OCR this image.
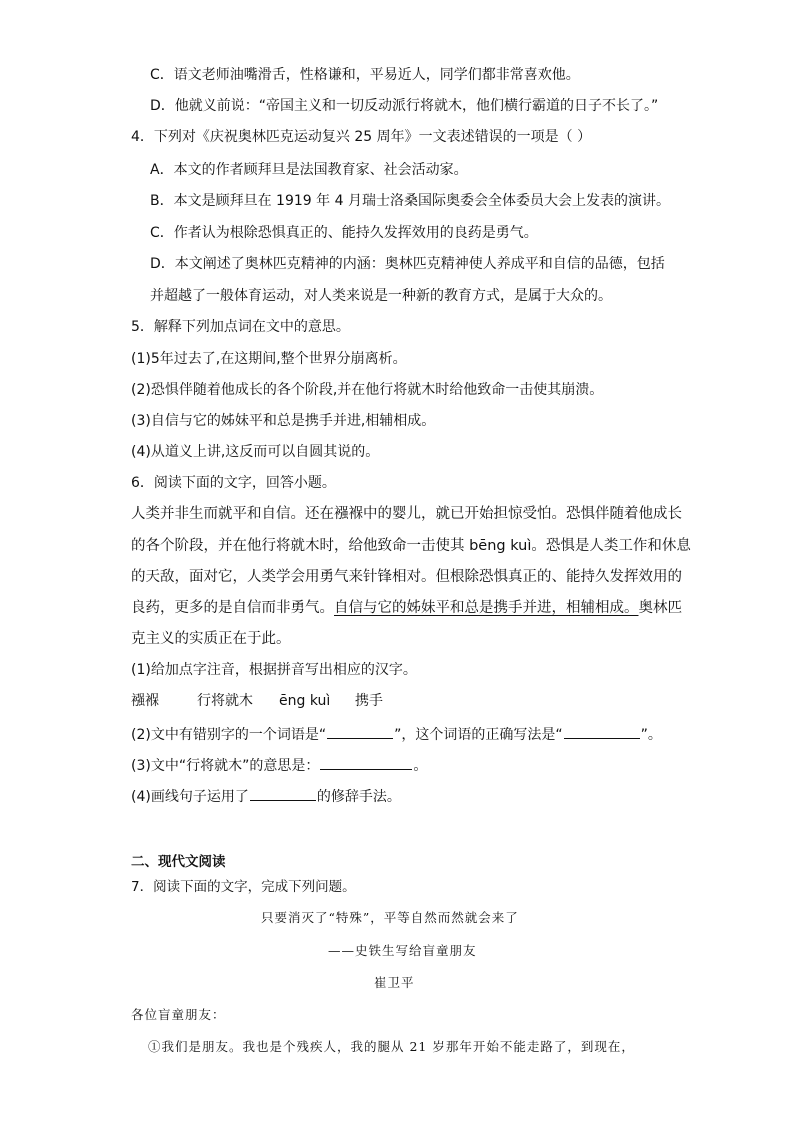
C．语文老师油嘴滑舌，性格谦和，平易近人，同学们都非常喜欢他。
D．他就义前说：“帝国主义和一切反动派行将就木，他们横行霸道的日子不长了。”
4．下列对《庆祝奥林匹克运动复兴 25 周年》一文表述错误的一项是（ ）
A．本文的作者顾拜旦是法国教育家、社会活动家。
B．本文是顾拜旦在 1919 年 4 月瑞士洛桑国际奥委会全体委员大会上发表的演讲。
C．作者认为根除恐惧真正的、能持久发挥效用的良药是勇气。
D．本文阐述了奥林匹克精神的内涵：奥林匹克精神使人养成平和自信的品德，包括
并超越了一般体育运动，对人类来说是一种新的教育方式，是属于大众的。
5．解释下列加点词在文中的意思。
(1)5年过去了,在这期间,整个世界分崩离析。
(2)恐惧伴随着他成长的各个阶段,并在他行将就木时给他致命一击使其崩溃。
(3)自信与它的姊妹平和总是携手并进,相辅相成。
(4)从道义上讲,这反而可以自圆其说的。
6．阅读下面的文字，回答小题。
人类并非生而就平和自信。还在襁褓中的婴儿，就已开始担惊受怕。恐惧伴随着他成长
的各个阶段，并在他行将就木时，给他致命一击使其 bēng kuì。恐惧是人类工作和休息
的天敌，面对它，人类学会用勇气来针锋相对。但根除恐惧真正的、能持久发挥效用的
良药，更多的是自信而非勇气。自信与它的姊妹平和总是携手并进，相辅相成。奥林匹
克主义的实质正在于此。
(1)给加点字注音，根据拼音写出相应的汉字。
襁褓	行将就木 ēng kuì 携手
(2)文中有错别字的一个词语是“	”，这个词语的正确写法是“	”。
(3)文中“行将就木”的意思是：	。
(4)画线句子运用了	的修辞手法。
二、现代文阅读
7．阅读下面的文字，完成下列问题。
只要消灭了“特殊”，平等自然而然就会来了
——史铁生写给盲童朋友
崔卫平
各位盲童朋友：
①我们是朋友。我也是个残疾人，我的腿从 21 岁那年开始不能走路了，到现在，
